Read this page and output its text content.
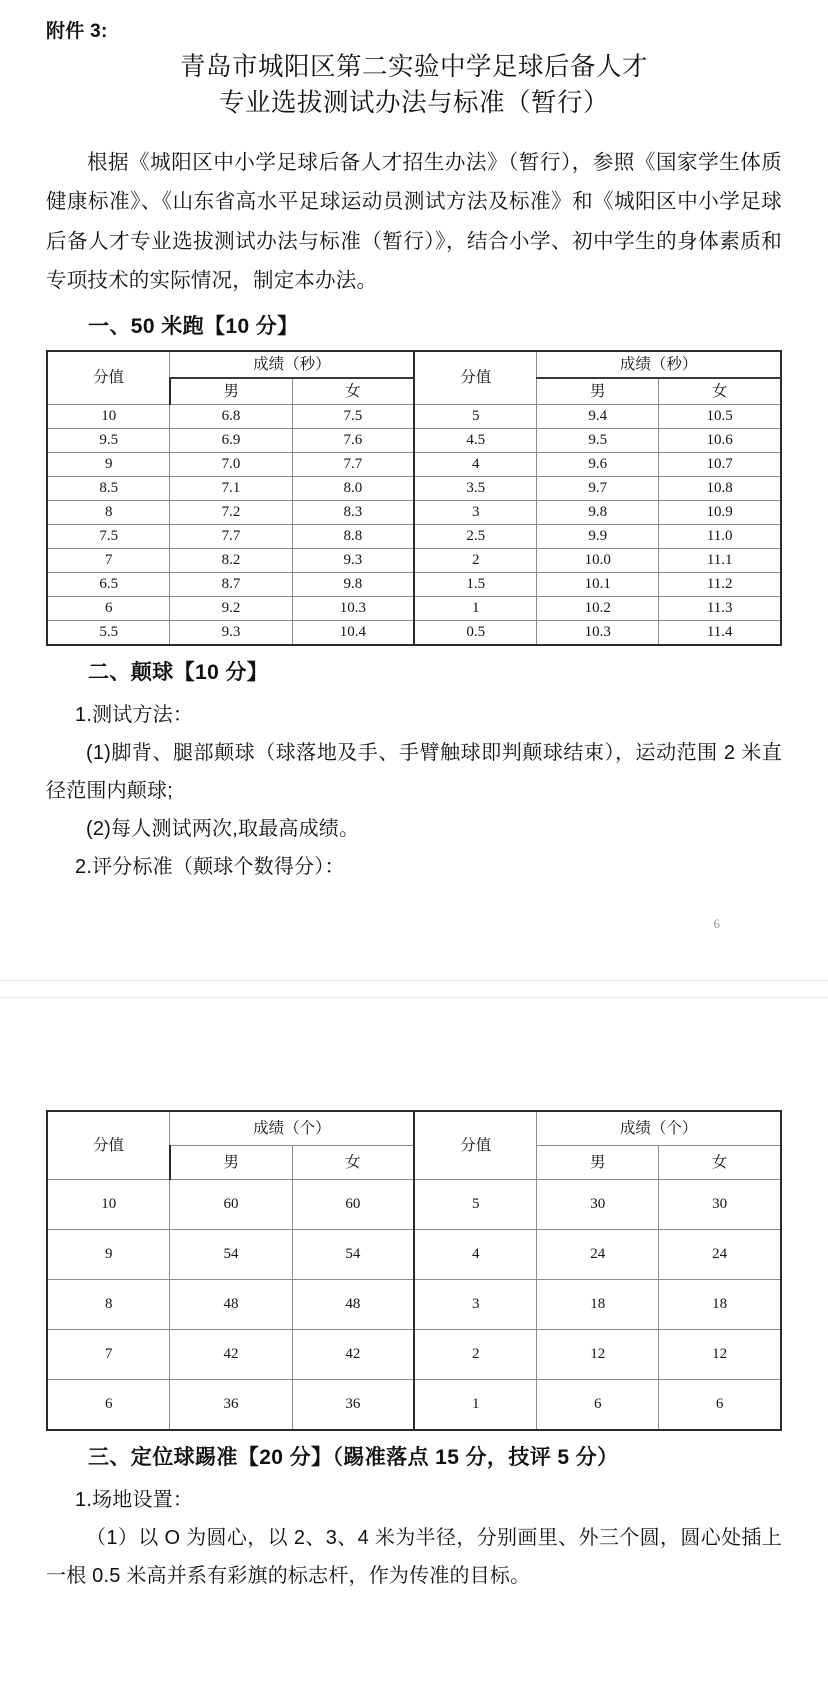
附件 3:
青岛市城阳区第二实验中学足球后备人才
专业选拔测试办法与标准（暂行）

根据《城阳区中小学足球后备人才招生办法》（暂行），参照《国家学生体质健康标准》、《山东省高水平足球运动员测试方法及标准》和《城阳区中小学足球后备人才专业选拔测试办法与标准（暂行）》，结合小学、初中学生的身体素质和专项技术的实际情况，制定本办法。

一、50 米跑【10 分】
分值	成绩（秒）		分值	成绩（秒）	
	男	女		男	女
10	6.8	7.5	5	9.4	10.5
9.5	6.9	7.6	4.5	9.5	10.6
9	7.0	7.7	4	9.6	10.7
8.5	7.1	8.0	3.5	9.7	10.8
8	7.2	8.3	3	9.8	10.9
7.5	7.7	8.8	2.5	9.9	11.0
7	8.2	9.3	2	10.0	11.1
6.5	8.7	9.8	1.5	10.1	11.2
6	9.2	10.3	1	10.2	11.3
5.5	9.3	10.4	0.5	10.3	11.4
二、颠球【10 分】

1.测试方法：

(1)脚背、腿部颠球（球落地及手、手臂触球即判颠球结束），运动范围 2 米直径范围内颠球;

(2)每人测试两次,取最高成绩。

2.评分标准（颠球个数得分）：

6
分值	成绩（个）		分值	成绩（个）	
	男	女		男	女
10	60	60	5	30	30
9	54	54	4	24	24
8	48	48	3	18	18
7	42	42	2	12	12
6	36	36	1	6	6
三、定位球踢准【20 分】（踢准落点 15 分，技评 5 分）

1.场地设置：

（1）以 O 为圆心，以 2、3、4 米为半径，分别画里、外三个圆，圆心处插上一根 0.5 米高并系有彩旗的标志杆，作为传准的目标。
